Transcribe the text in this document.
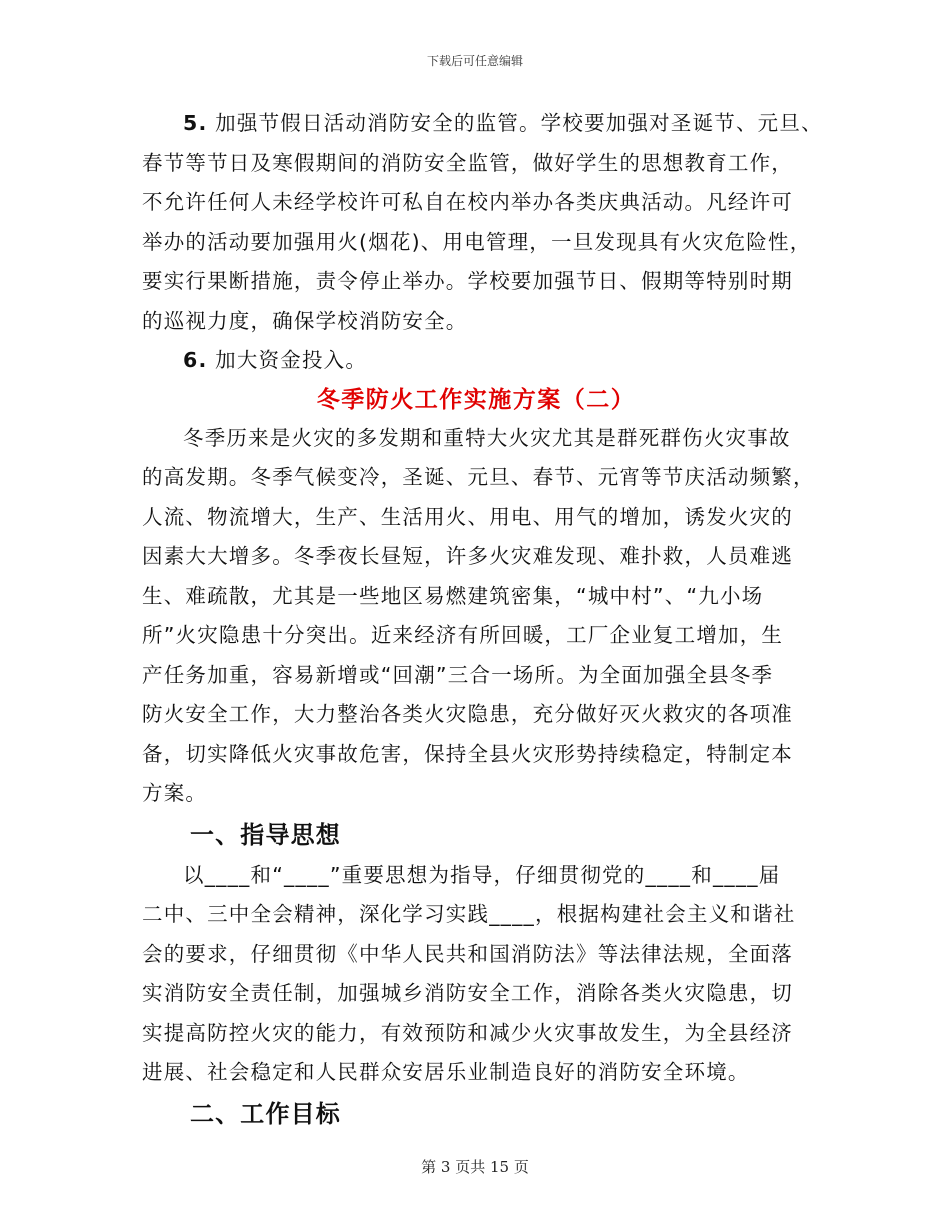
下载后可任意编辑

5. 加强节假日活动消防安全的监管。学校要加强对圣诞节、元旦、
春节等节日及寒假期间的消防安全监管，做好学生的思想教育工作，
不允许任何人未经学校许可私自在校内举办各类庆典活动。凡经许可
举办的活动要加强用火(烟花)、用电管理，一旦发现具有火灾危险性，
要实行果断措施，责令停止举办。学校要加强节日、假期等特别时期
的巡视力度，确保学校消防安全。

6. 加大资金投入。

冬季防火工作实施方案（二）

冬季历来是火灾的多发期和重特大火灾尤其是群死群伤火灾事故
的高发期。冬季气候变冷，圣诞、元旦、春节、元宵等节庆活动频繁，
人流、物流增大，生产、生活用火、用电、用气的增加，诱发火灾的
因素大大增多。冬季夜长昼短，许多火灾难发现、难扑救，人员难逃
生、难疏散，尤其是一些地区易燃建筑密集，“城中村”、“九小场
所”火灾隐患十分突出。近来经济有所回暖，工厂企业复工增加，生
产任务加重，容易新增或“回潮”三合一场所。为全面加强全县冬季
防火安全工作，大力整治各类火灾隐患，充分做好灭火救灾的各项准
备，切实降低火灾事故危害，保持全县火灾形势持续稳定，特制定本
方案。

一、指导思想

以____和“____”重要思想为指导，仔细贯彻党的____和____届
二中、三中全会精神，深化学习实践____，根据构建社会主义和谐社
会的要求，仔细贯彻《中华人民共和国消防法》等法律法规，全面落
实消防安全责任制，加强城乡消防安全工作，消除各类火灾隐患，切
实提高防控火灾的能力，有效预防和减少火灾事故发生，为全县经济
进展、社会稳定和人民群众安居乐业制造良好的消防安全环境。

二、工作目标
第 3 页共 15 页
